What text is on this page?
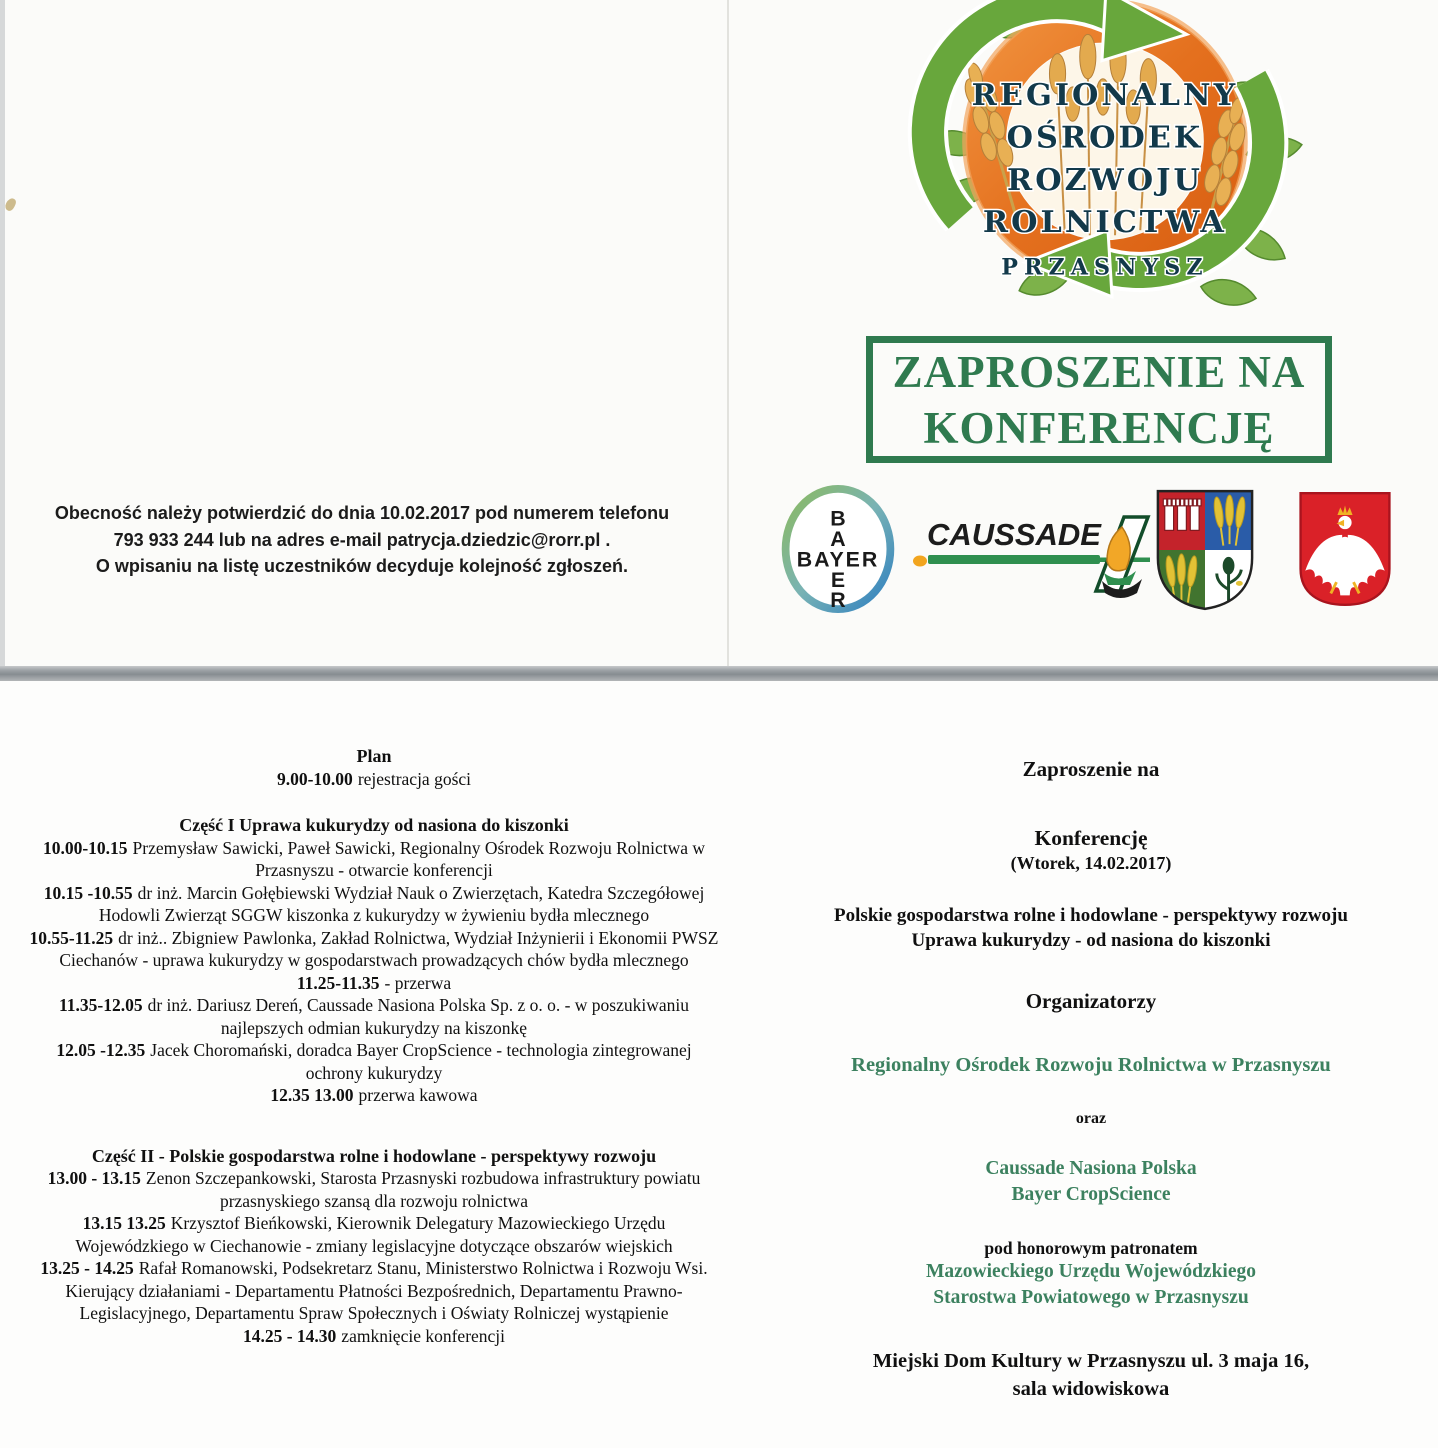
REGIONALNY
OŚRODEK
ROZWOJU
ROLNICTWA
PRZASNYSZ
ZAPROSZENIE NA
KONFERENCJĘ
Obecność należy potwierdzić do dnia 10.02.2017 pod numerem telefonu
793 933 244 lub na adres e-mail patrycja.dziedzic@rorr.pl .
O wpisaniu na listę uczestników decyduje kolejność zgłoszeń.
B
A
BAYER
E
R
CAUSSADE

Plan

9.00-10.00 rejestracja gości

Część I Uprawa kukurydzy od nasiona do kiszonki

10.00-10.15 Przemysław Sawicki, Paweł Sawicki, Regionalny Ośrodek Rozwoju Rolnictwa w Przasnyszu - otwarcie konferencji

10.15 -10.55 dr inż. Marcin Gołębiewski Wydział Nauk o Zwierzętach, Katedra Szczegółowej Hodowli Zwierząt SGGW kiszonka z kukurydzy w żywieniu bydła mlecznego

10.55-11.25 dr inż.. Zbigniew Pawlonka, Zakład Rolnictwa, Wydział Inżynierii i Ekonomii PWSZ Ciechanów - uprawa kukurydzy w gospodarstwach prowadzących chów bydła mlecznego

11.25-11.35 - przerwa

11.35-12.05 dr inż. Dariusz Dereń, Caussade Nasiona Polska Sp. z o. o. - w poszukiwaniu najlepszych odmian kukurydzy na kiszonkę

12.05 -12.35 Jacek Choromański, doradca Bayer CropScience - technologia zintegrowanej ochrony kukurydzy

12.35 13.00 przerwa kawowa

Część II - Polskie gospodarstwa rolne i hodowlane - perspektywy rozwoju

13.00 - 13.15 Zenon Szczepankowski, Starosta Przasnyski rozbudowa infrastruktury powiatu przasnyskiego szansą dla rozwoju rolnictwa

13.15 13.25 Krzysztof Bieńkowski, Kierownik Delegatury Mazowieckiego Urzędu Wojewódzkiego w Ciechanowie - zmiany legislacyjne dotyczące obszarów wiejskich

13.25 - 14.25 Rafał Romanowski, Podsekretarz Stanu, Ministerstwo Rolnictwa i Rozwoju Wsi. Kierujący działaniami - Departamentu Płatności Bezpośrednich, Departamentu Prawno-Legislacyjnego, Departamentu Spraw Społecznych i Oświaty Rolniczej wystąpienie

14.25 - 14.30 zamknięcie konferencji

Zaproszenie na

Konferencję

(Wtorek, 14.02.2017)

Polskie gospodarstwa rolne i hodowlane - perspektywy rozwoju
Uprawa kukurydzy - od nasiona do kiszonki

Organizatorzy

Regionalny Ośrodek Rozwoju Rolnictwa w Przasnyszu

oraz

Caussade Nasiona Polska
Bayer CropScience

pod honorowym patronatem

Mazowieckiego Urzędu Wojewódzkiego
Starostwa Powiatowego w Przasnyszu

Miejski Dom Kultury w Przasnyszu ul. 3 maja 16,
sala widowiskowa
